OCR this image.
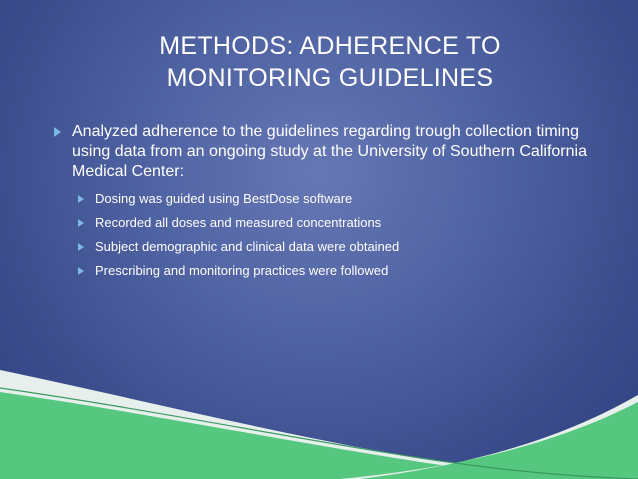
METHODS: ADHERENCE TO
MONITORING GUIDELINES
Analyzed adherence to the guidelines regarding trough collection timing using data from an ongoing study at the University of Southern California Medical Center:
Dosing was guided using BestDose software
Recorded all doses and measured concentrations
Subject demographic and clinical data were obtained
Prescribing and monitoring practices were followed
